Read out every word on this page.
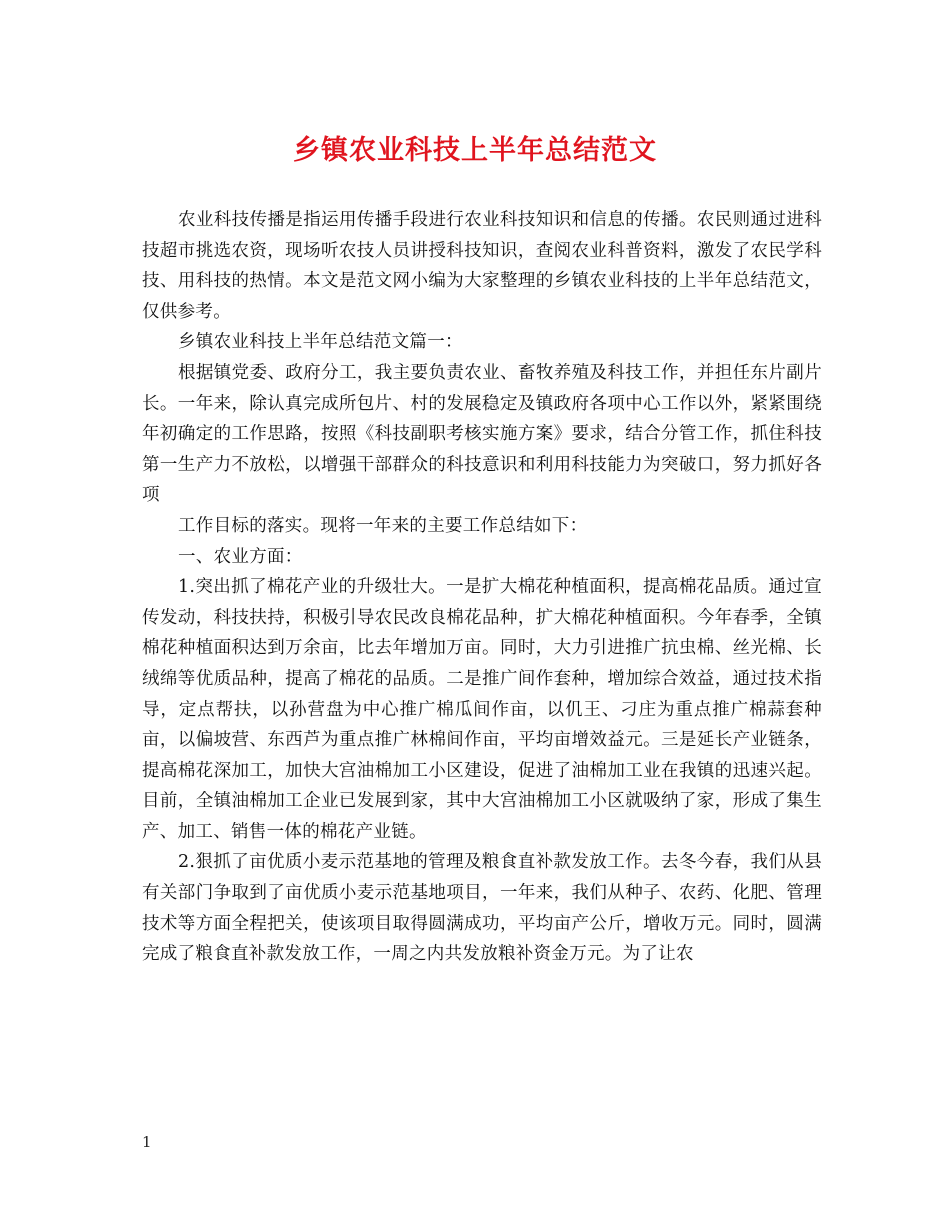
乡镇农业科技上半年总结范文

农业科技传播是指运用传播手段进行农业科技知识和信息的传播。农民则通过进科技超市挑选农资，现场听农技人员讲授科技知识，查阅农业科普资料，激发了农民学科技、用科技的热情。本文是范文网小编为大家整理的乡镇农业科技的上半年总结范文，仅供参考。

乡镇农业科技上半年总结范文篇一：

根据镇党委、政府分工，我主要负责农业、畜牧养殖及科技工作，并担任东片副片长。一年来，除认真完成所包片、村的发展稳定及镇政府各项中心工作以外，紧紧围绕年初确定的工作思路，按照《科技副职考核实施方案》要求，结合分管工作，抓住科技第一生产力不放松，以增强干部群众的科技意识和利用科技能力为突破口，努力抓好各项

工作目标的落实。现将一年来的主要工作总结如下：

一、农业方面：

1.突出抓了棉花产业的升级壮大。一是扩大棉花种植面积，提高棉花品质。通过宣传发动，科技扶持，积极引导农民改良棉花品种，扩大棉花种植面积。今年春季，全镇棉花种植面积达到万余亩，比去年增加万亩。同时，大力引进推广抗虫棉、丝光棉、长绒绵等优质品种，提高了棉花的品质。二是推广间作套种，增加综合效益，通过技术指导，定点帮扶，以孙营盘为中心推广棉瓜间作亩，以仉王、刁庄为重点推广棉蒜套种亩，以偏坡营、东西芦为重点推广林棉间作亩，平均亩增效益元。三是延长产业链条，提高棉花深加工，加快大宫油棉加工小区建设，促进了油棉加工业在我镇的迅速兴起。目前，全镇油棉加工企业已发展到家，其中大宫油棉加工小区就吸纳了家，形成了集生产、加工、销售一体的棉花产业链。

2.狠抓了亩优质小麦示范基地的管理及粮食直补款发放工作。去冬今春，我们从县有关部门争取到了亩优质小麦示范基地项目，一年来，我们从种子、农药、化肥、管理技术等方面全程把关，使该项目取得圆满成功，平均亩产公斤，增收万元。同时，圆满完成了粮食直补款发放工作，一周之内共发放粮补资金万元。为了让农

1
